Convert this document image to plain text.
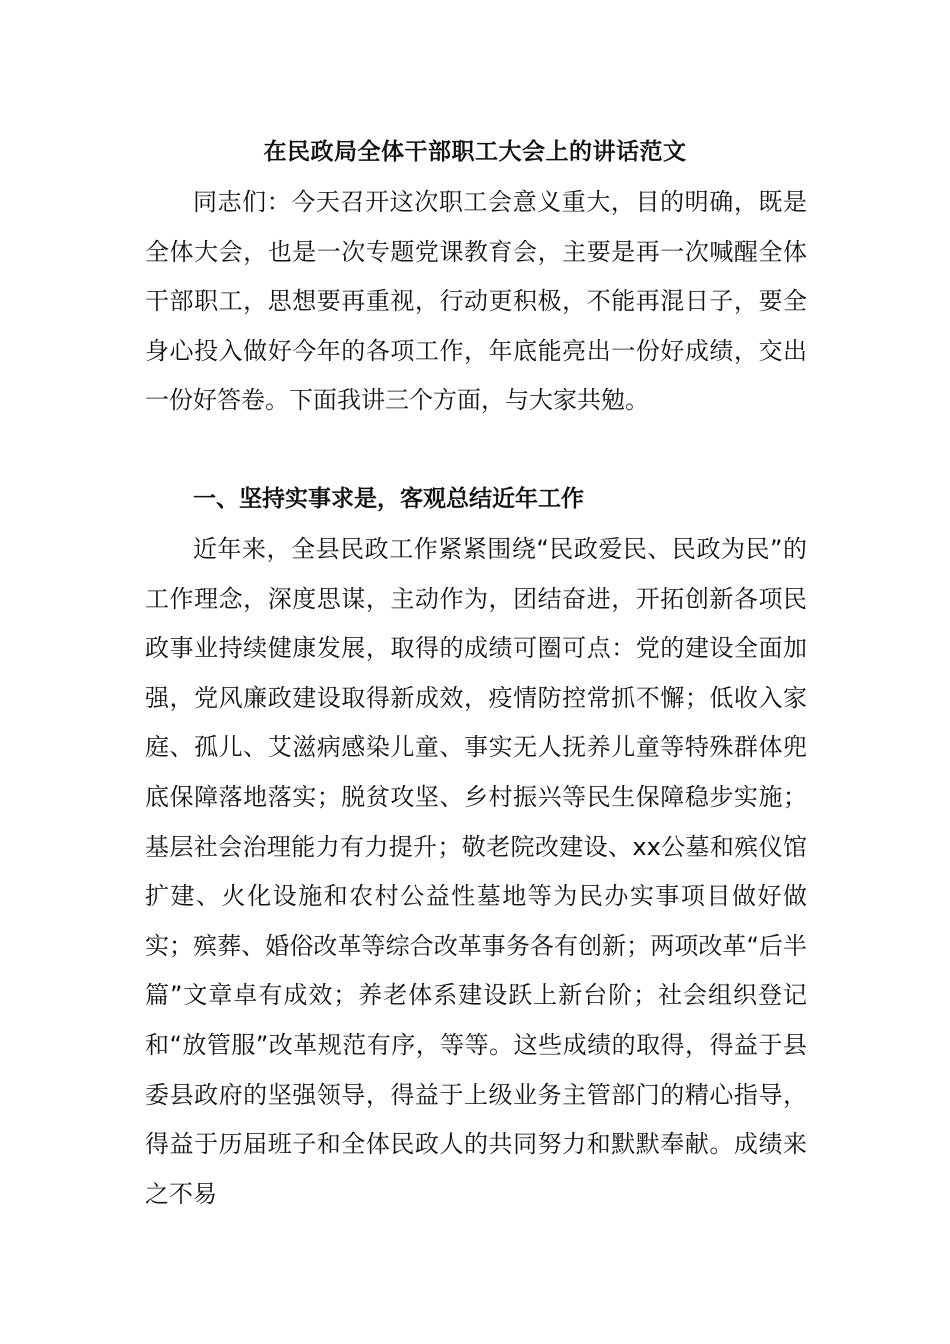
在民政局全体干部职工大会上的讲话范文

同志们：今天召开这次职工会意义重大，目的明确，既是全体大会，也是一次专题党课教育会，主要是再一次喊醒全体干部职工，思想要再重视，行动更积极，不能再混日子，要全身心投入做好今年的各项工作，年底能亮出一份好成绩，交出一份好答卷。下面我讲三个方面，与大家共勉。

一、坚持实事求是，客观总结近年工作

近年来，全县民政工作紧紧围绕“民政爱民、民政为民”的工作理念，深度思谋，主动作为，团结奋进，开拓创新各项民政事业持续健康发展，取得的成绩可圈可点：党的建设全面加强，党风廉政建设取得新成效，疫情防控常抓不懈；低收入家庭、孤儿、艾滋病感染儿童、事实无人抚养儿童等特殊群体兜底保障落地落实；脱贫攻坚、乡村振兴等民生保障稳步实施；基层社会治理能力有力提升；敬老院改建设、xx公墓和殡仪馆扩建、火化设施和农村公益性墓地等为民办实事项目做好做实；殡葬、婚俗改革等综合改革事务各有创新；两项改革“后半篇”文章卓有成效；养老体系建设跃上新台阶；社会组织登记和“放管服”改革规范有序，等等。这些成绩的取得，得益于县委县政府的坚强领导，得益于上级业务主管部门的精心指导，得益于历届班子和全体民政人的共同努力和默默奉献。成绩来之不易
